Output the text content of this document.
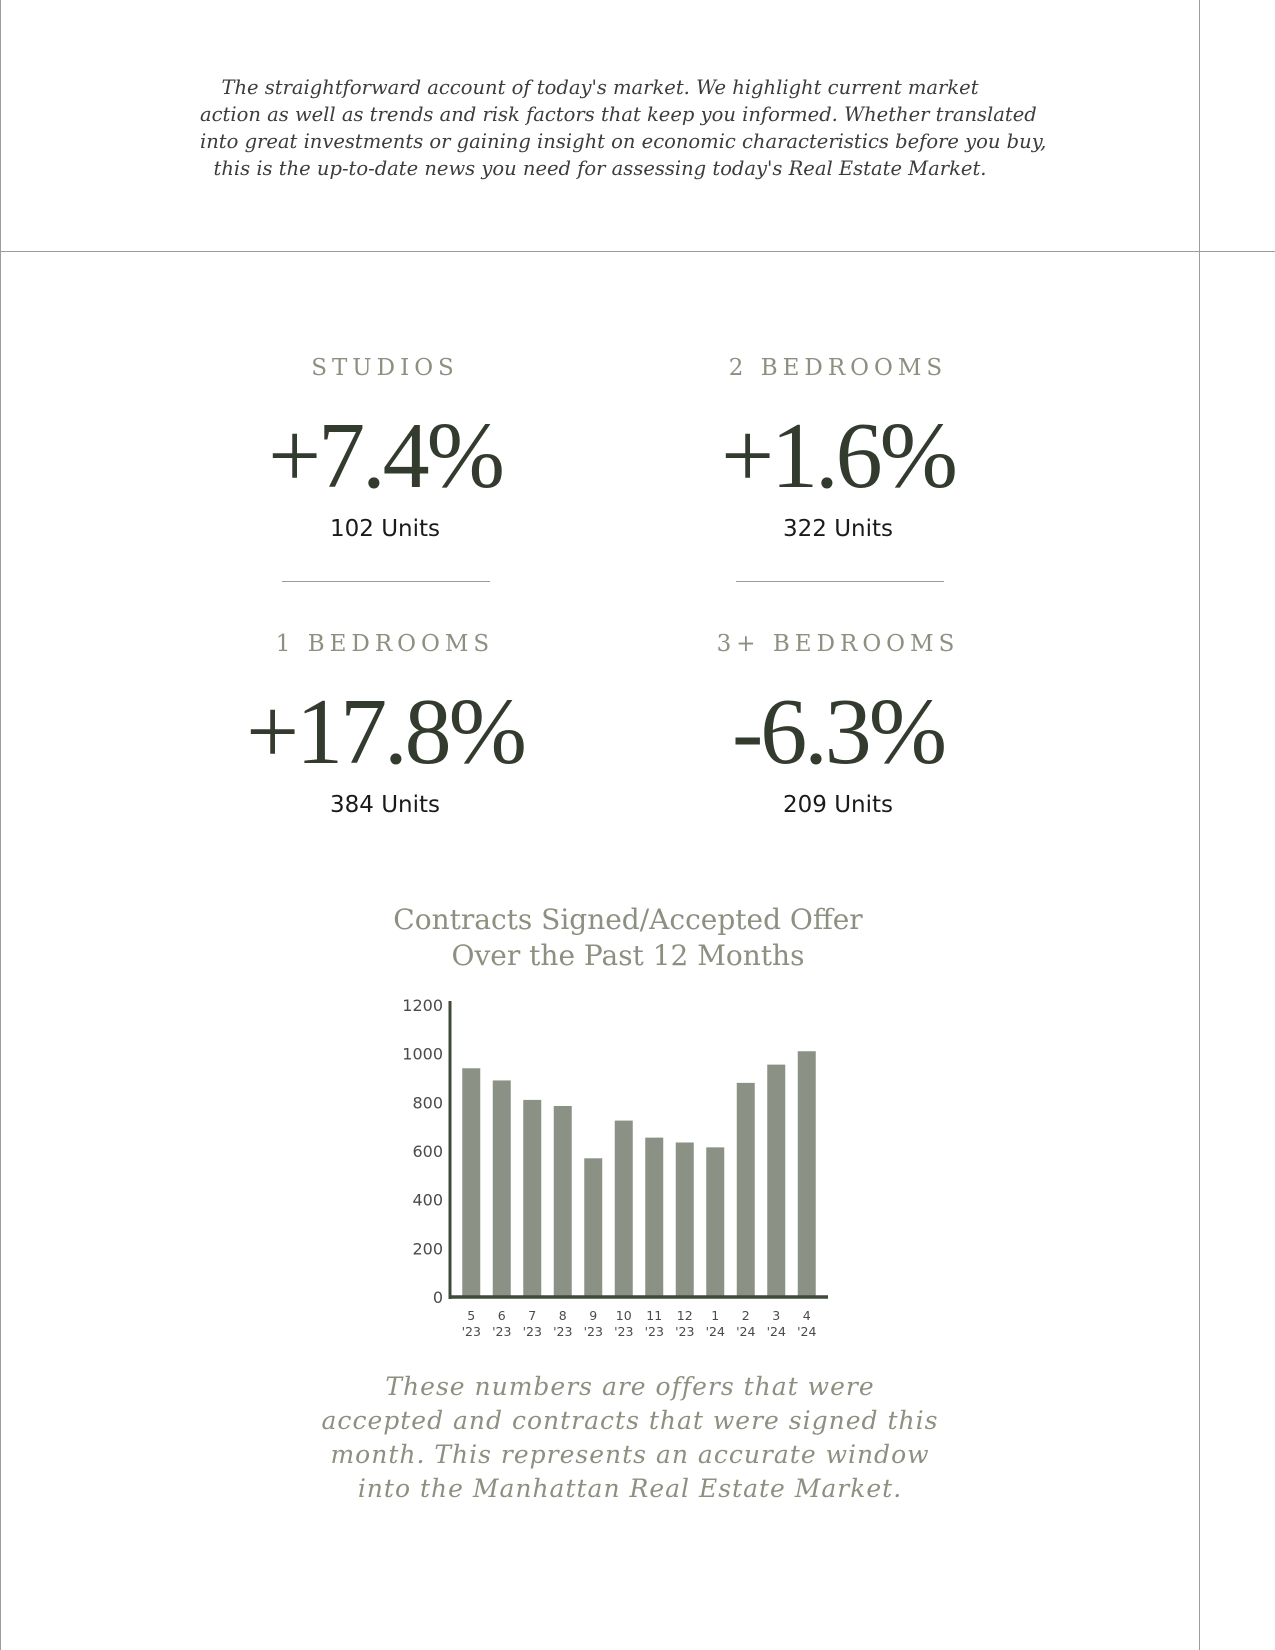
The straightforward account of today's market. We highlight current market
action as well as trends and risk factors that keep you informed. Whether translated
into great investments or gaining insight on economic characteristics before you buy,
this is the up-to-date news you need for assessing today's Real Estate Market.

STUDIOS

+7.4%

102 Units

2 BEDROOMS

+1.6%

322 Units

1 BEDROOMS

+17.8%

384 Units

3+ BEDROOMS

-6.3%

209 Units

Contracts Signed/Accepted Offer
Over the Past 12 Months

0
200
400
600
800
1000
1200
5
'23
6
'23
7
'23
8
'23
9
'23
10
'23
11
'23
12
'23
1
'24
2
'24
3
'24
4
'24

These numbers are offers that were
accepted and contracts that were signed this
month. This represents an accurate window
into the Manhattan Real Estate Market.
